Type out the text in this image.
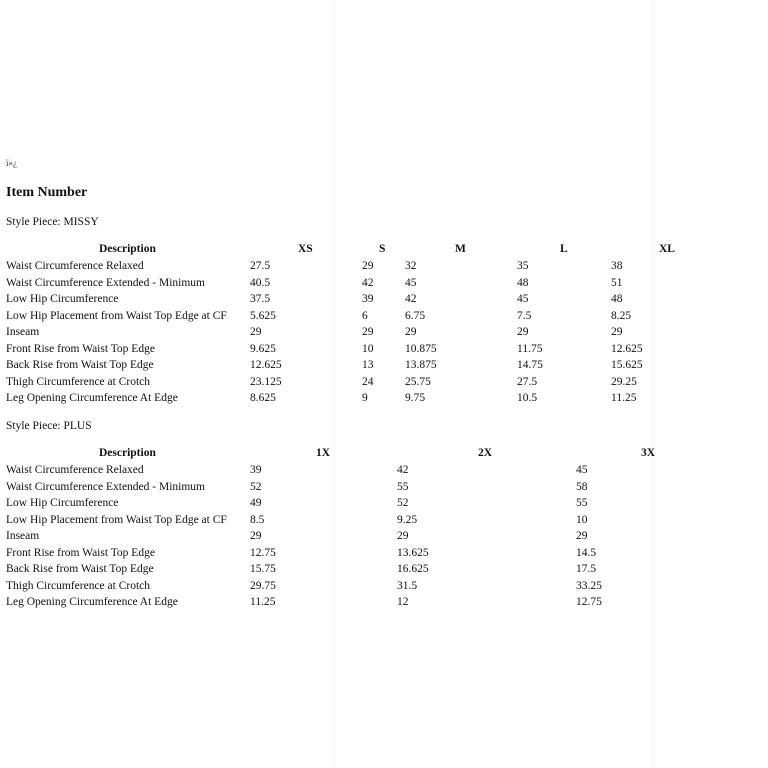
ï»¿
Item Number
Style Piece: MISSY
Description	XS	S	M	L	XL
Waist Circumference Relaxed	27.5	29	32	35	38
Waist Circumference Extended - Minimum	40.5	42	45	48	51
Low Hip Circumference	37.5	39	42	45	48
Low Hip Placement from Waist Top Edge at CF 5.625	6	6.75	7.5	8.25
Inseam	29	29	29	29	29
Front Rise from Waist Top Edge	9.625	10	10.875	11.75	12.625
Back Rise from Waist Top Edge	12.625	13	13.875	14.75	15.625
Thigh Circumference at Crotch	23.125	24	25.75	27.5	29.25
Leg Opening Circumference At Edge	8.625	9	9.75	10.5	11.25
Style Piece: PLUS
Description	1X	2X	3X
Waist Circumference Relaxed	39	42	45
Waist Circumference Extended - Minimum	52	55	58
Low Hip Circumference	49	52	55
Low Hip Placement from Waist Top Edge at CF 8.5	9.25	10
Inseam	29	29	29
Front Rise from Waist Top Edge	12.75	13.625	14.5
Back Rise from Waist Top Edge	15.75	16.625	17.5
Thigh Circumference at Crotch	29.75	31.5	33.25
Leg Opening Circumference At Edge	11.25	12	12.75
